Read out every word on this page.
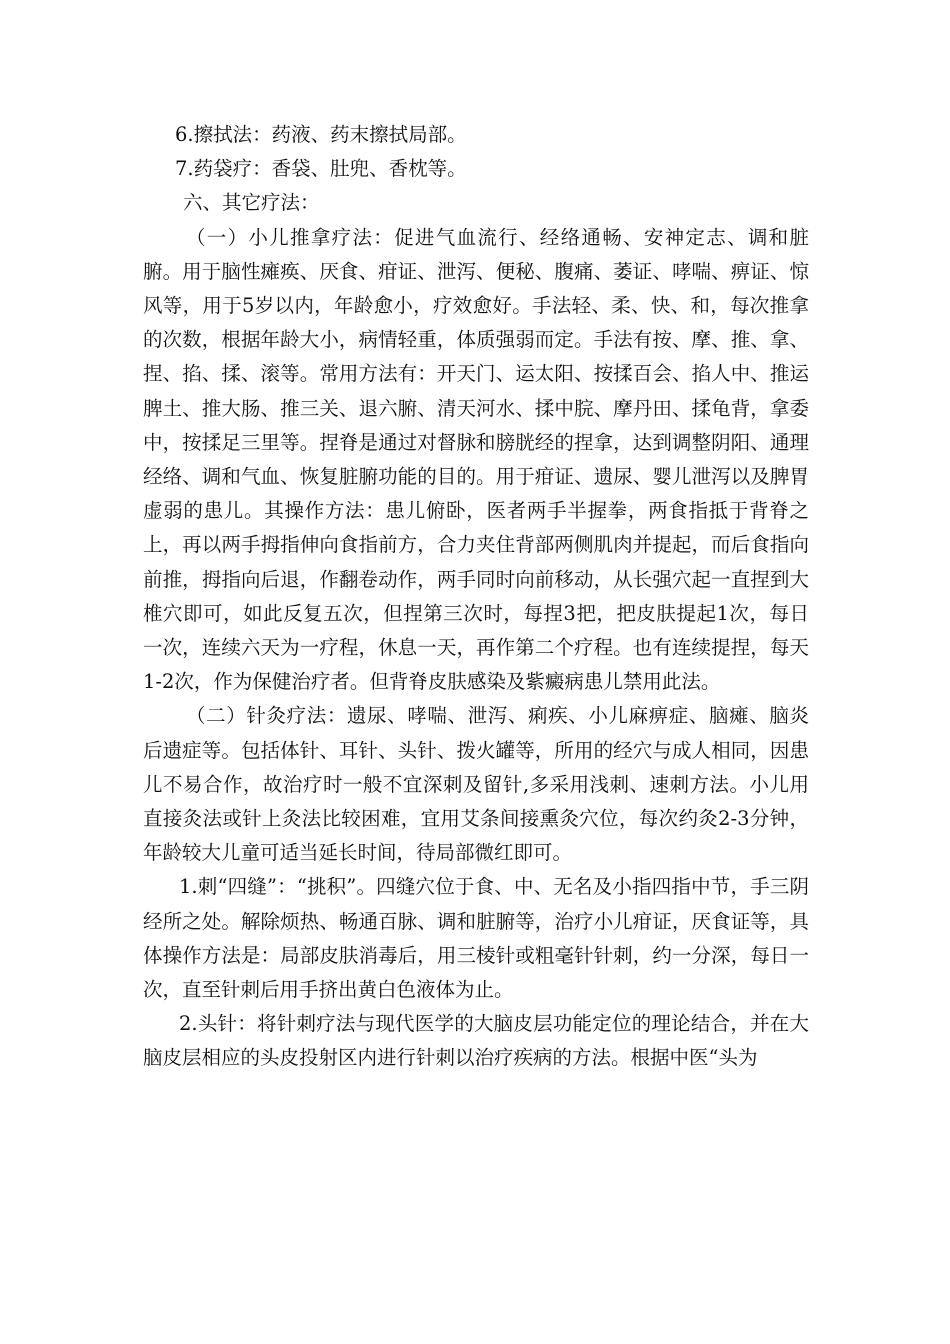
6.擦拭法：药液、药末擦拭局部。

7.药袋疗：香袋、肚兜、香枕等。

六、其它疗法：

（一）小儿推拿疗法：促进气血流行、经络通畅、安神定志、调和脏腑。用于脑性瘫痪、厌食、疳证、泄泻、便秘、腹痛、萎证、哮喘、痹证、惊风等，用于5岁以内，年龄愈小，疗效愈好。手法轻、柔、快、和，每次推拿的次数，根据年龄大小，病情轻重，体质强弱而定。手法有按、摩、推、拿、捏、掐、揉、滚等。常用方法有：开天门、运太阳、按揉百会、掐人中、推运脾土、推大肠、推三关、退六腑、清天河水、揉中脘、摩丹田、揉龟背，拿委中，按揉足三里等。捏脊是通过对督脉和膀胱经的捏拿，达到调整阴阳、通理经络、调和气血、恢复脏腑功能的目的。用于疳证、遗尿、婴儿泄泻以及脾胃虚弱的患儿。其操作方法：患儿俯卧，医者两手半握拳，两食指抵于背脊之上，再以两手拇指伸向食指前方，合力夹住背部两侧肌肉并提起，而后食指向前推，拇指向后退，作翻卷动作，两手同时向前移动，从长强穴起一直捏到大椎穴即可，如此反复五次，但捏第三次时，每捏3把，把皮肤提起1次，每日一次，连续六天为一疗程，休息一天，再作第二个疗程。也有连续提捏，每天1-2次，作为保健治疗者。但背脊皮肤感染及紫癜病患儿禁用此法。

（二）针灸疗法：遗尿、哮喘、泄泻、痢疾、小儿麻痹症、脑瘫、脑炎后遗症等。包括体针、耳针、头针、拨火罐等，所用的经穴与成人相同，因患儿不易合作，故治疗时一般不宜深刺及留针,多采用浅刺、速刺方法。小儿用直接灸法或针上灸法比较困难，宜用艾条间接熏灸穴位，每次约灸2-3分钟，年龄较大儿童可适当延长时间，待局部微红即可。

1.刺“四缝”：“挑积”。四缝穴位于食、中、无名及小指四指中节，手三阴经所之处。解除烦热、畅通百脉、调和脏腑等，治疗小儿疳证，厌食证等，具体操作方法是：局部皮肤消毒后，用三棱针或粗毫针针刺，约一分深，每日一次，直至针刺后用手挤出黄白色液体为止。

2.头针：将针刺疗法与现代医学的大脑皮层功能定位的理论结合，并在大脑皮层相应的头皮投射区内进行针刺以治疗疾病的方法。根据中医“头为
